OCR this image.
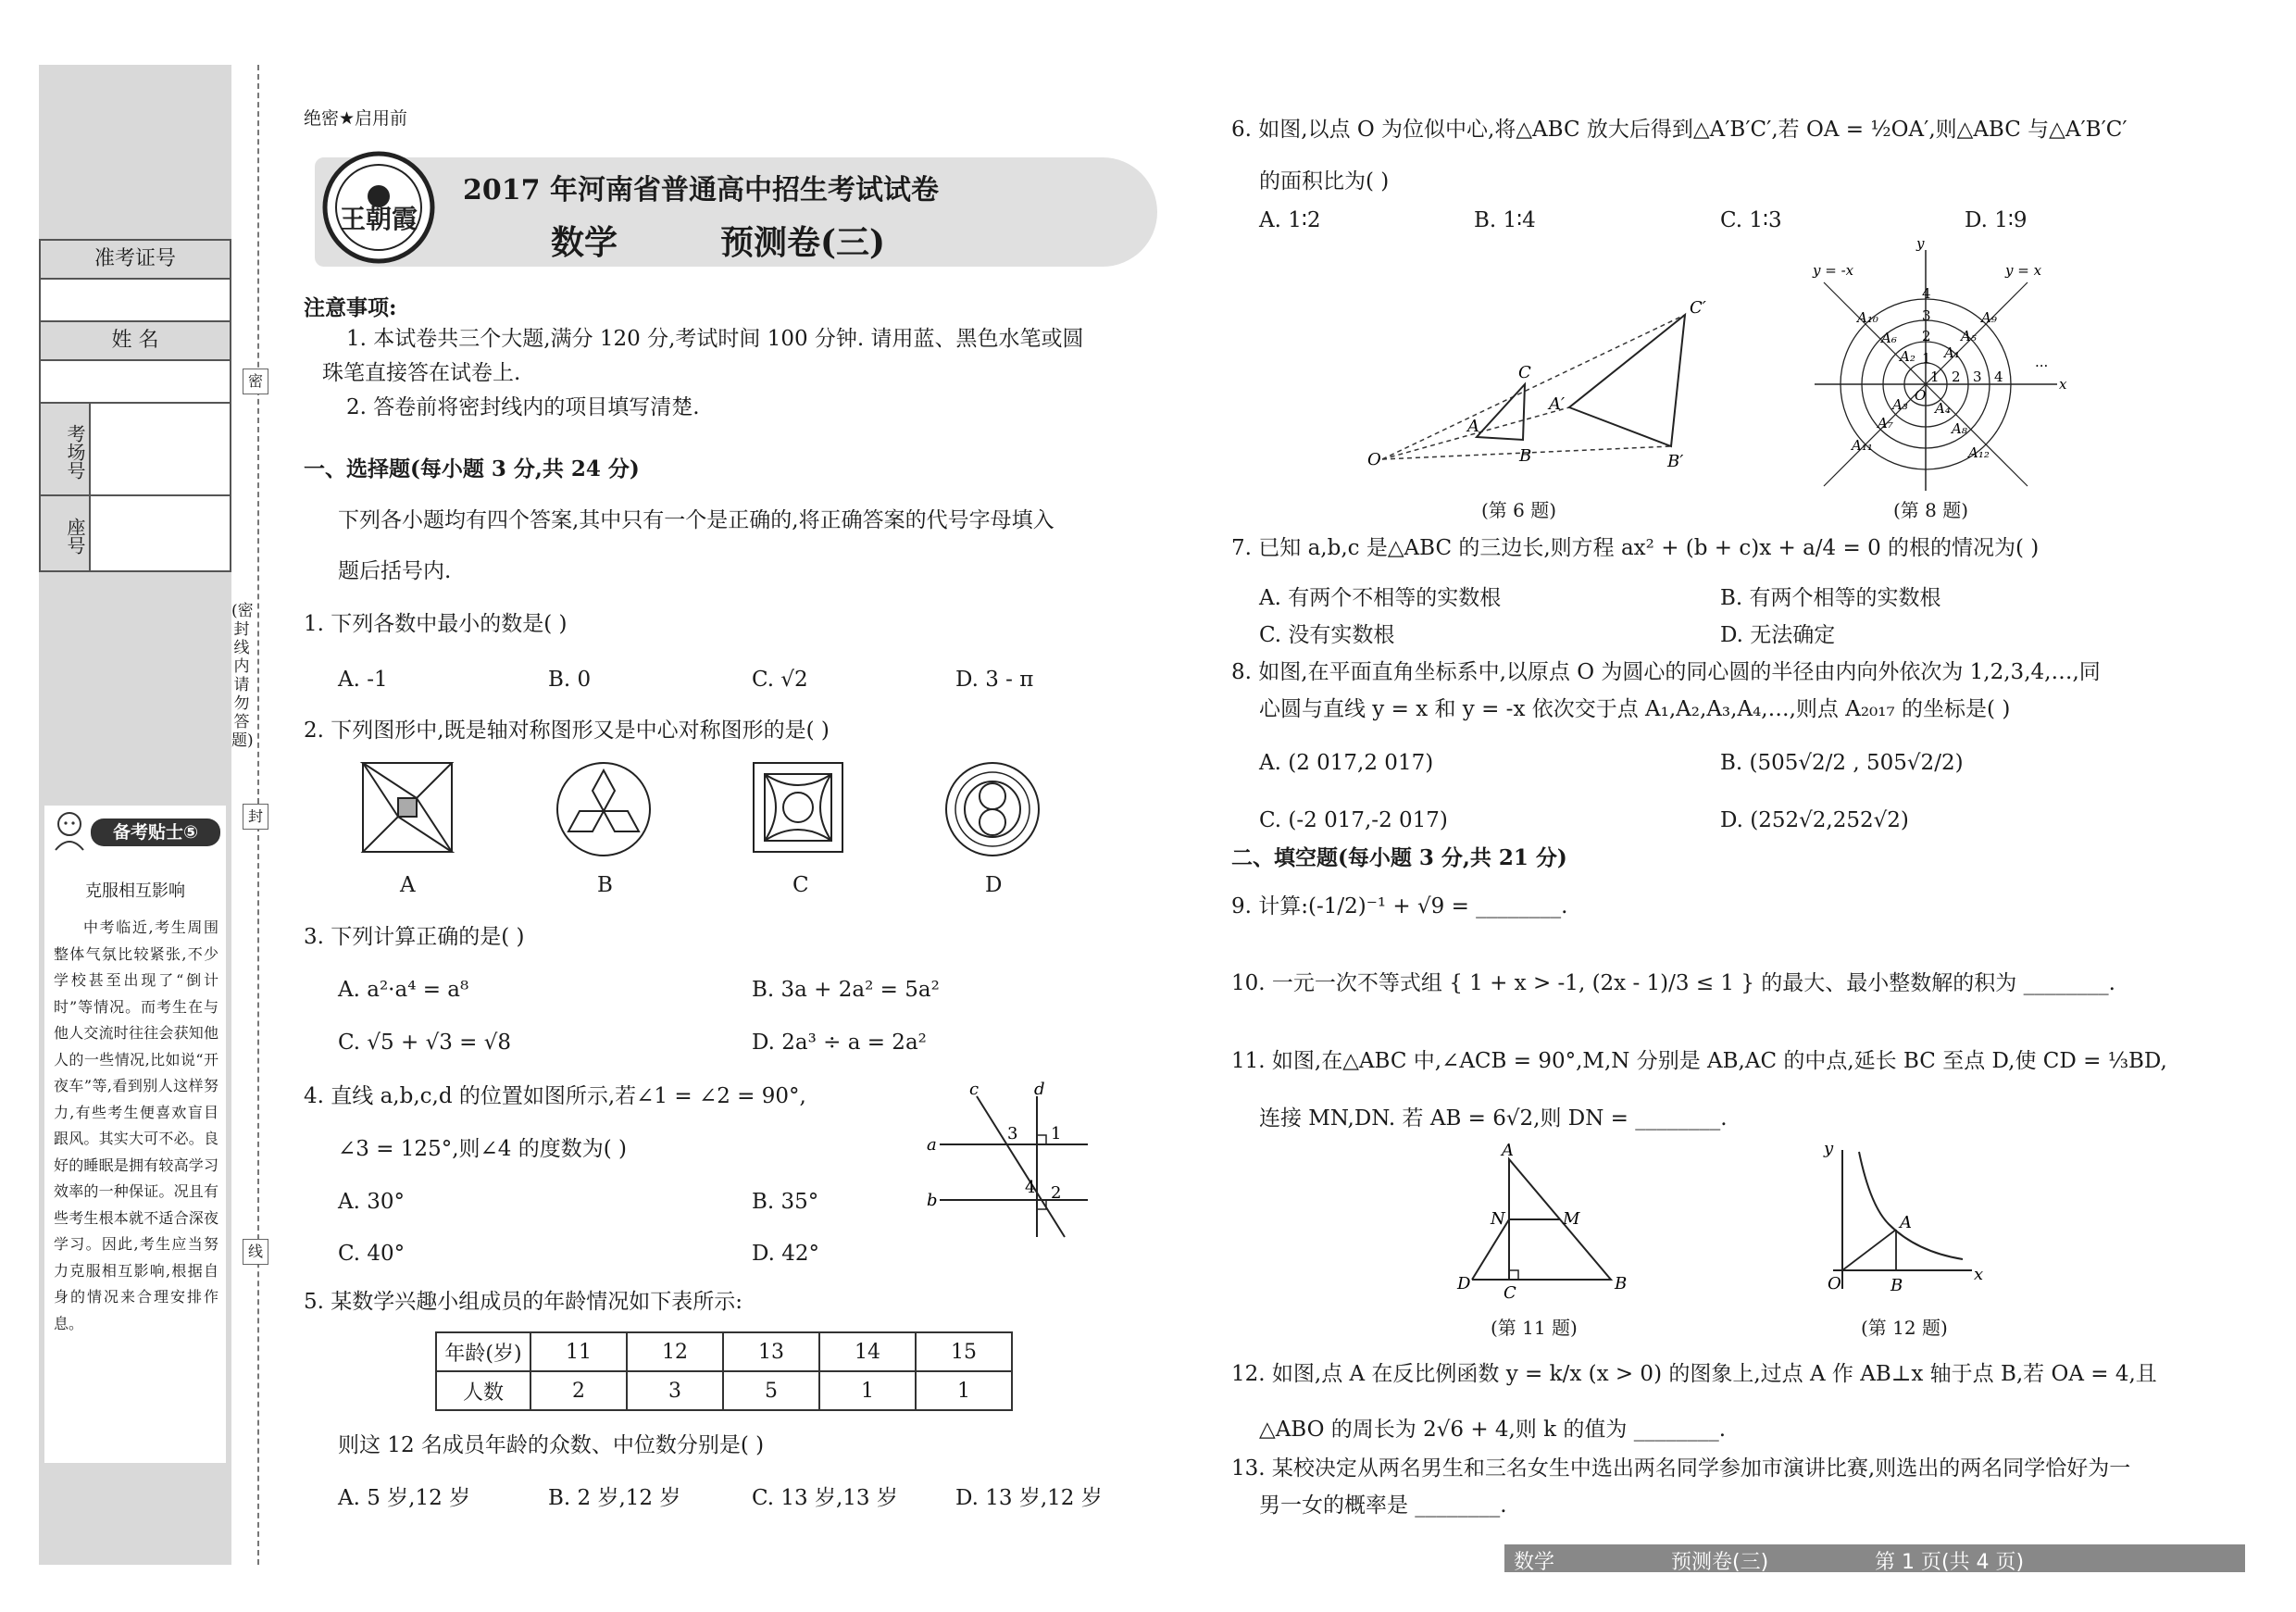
准考证号
姓 名
考场号
座号
密
封
线
(密封线内请勿答题)
备考贴士⑤
克服相互影响
中考临近,考生周围整体气氛比较紧张,不少学校甚至出现了“倒计时”等情况。而考生在与他人交流时往往会获知他人的一些情况,比如说“开夜车”等,看到别人这样努力,有些考生便喜欢盲目跟风。其实大可不必。良好的睡眠是拥有较高学习效率的一种保证。况且有些考生根本就不适合深夜学习。因此,考生应当努力克服相互影响,根据自身的情况来合理安排作息。
绝密★启用前
王朝霞
2017 年河南省普通高中招生考试试卷
数学	预测卷(三)
注意事项:
1. 本试卷共三个大题,满分 120 分,考试时间 100 分钟. 请用蓝、黑色水笔或圆
珠笔直接答在试卷上.
2. 答卷前将密封线内的项目填写清楚.
一、选择题(每小题 3 分,共 24 分)
下列各小题均有四个答案,其中只有一个是正确的,将正确答案的代号字母填入
题后括号内.
1. 下列各数中最小的数是( )
A. -1	B. 0	C. √2	D. 3 - π
2. 下列图形中,既是轴对称图形又是中心对称图形的是( )
A	B	C	D
3. 下列计算正确的是( )
A. a²·a⁴ = a⁸	B. 3a + 2a² = 5a²
C. √5 + √3 = √8	D. 2a³ ÷ a = 2a²
4. 直线 a,b,c,d 的位置如图所示,若∠1 = ∠2 = 90°,
∠3 = 125°,则∠4 的度数为( )
A. 30°	B. 35°
C. 40°	D. 42°
c	d
a
b
1
3
4 2
5. 某数学兴趣小组成员的年龄情况如下表所示:
年龄(岁)	11	12	13	14	15
人数	2	3	5	1	1
则这 12 名成员年龄的众数、中位数分别是( )
A. 5 岁,12 岁	B. 2 岁,12 岁	C. 13 岁,13 岁	D. 13 岁,12 岁
6. 如图,以点 O 为位似中心,将△ABC 放大后得到△A′B′C′,若 OA = ½OA′,则△ABC 与△A′B′C′
的面积比为( )
A. 1∶2	B. 1∶4	C. 1∶3	D. 1∶9
O
A
C
B
A′
C′
B′
(第 6 题)
1 2 3 4
1
2
3
4
O
x
y
···
A₁
A₂
A₃ A₄
A₅
A₆
A₇	A₈
A₉
A₁₀
A₁₁	A₁₂
y = -x	y = x
(第 8 题)
7. 已知 a,b,c 是△ABC 的三边长,则方程 ax² + (b + c)x + a/4 = 0 的根的情况为( )
A. 有两个不相等的实数根	B. 有两个相等的实数根
C. 没有实数根	D. 无法确定
8. 如图,在平面直角坐标系中,以原点 O 为圆心的同心圆的半径由内向外依次为 1,2,3,4,…,同
心圆与直线 y = x 和 y = -x 依次交于点 A₁,A₂,A₃,A₄,…,则点 A₂₀₁₇ 的坐标是( )
A. (2 017,2 017)	B. (505√2/2 , 505√2/2)
C. (-2 017,-2 017)	D. (252√2,252√2)
二、填空题(每小题 3 分,共 21 分)
9. 计算:(-1/2)⁻¹ + √9 = ________.
10. 一元一次不等式组 { 1 + x > -1, (2x - 1)/3 ≤ 1 } 的最大、最小整数解的积为 ________.
11. 如图,在△ABC 中,∠ACB = 90°,M,N 分别是 AB,AC 的中点,延长 BC 至点 D,使 CD = ⅓BD,
连接 MN,DN. 若 AB = 6√2,则 DN = ________.
A
N	M
D C	B
(第 11 题)
y
x
O
A
B
(第 12 题)
12. 如图,点 A 在反比例函数 y = k/x (x > 0) 的图象上,过点 A 作 AB⊥x 轴于点 B,若 OA = 4,且
△ABO 的周长为 2√6 + 4,则 k 的值为 ________.
13. 某校决定从两名男生和三名女生中选出两名同学参加市演讲比赛,则选出的两名同学恰好为一
男一女的概率是 ________.
数学	预测卷(三)	第 1 页(共 4 页)
